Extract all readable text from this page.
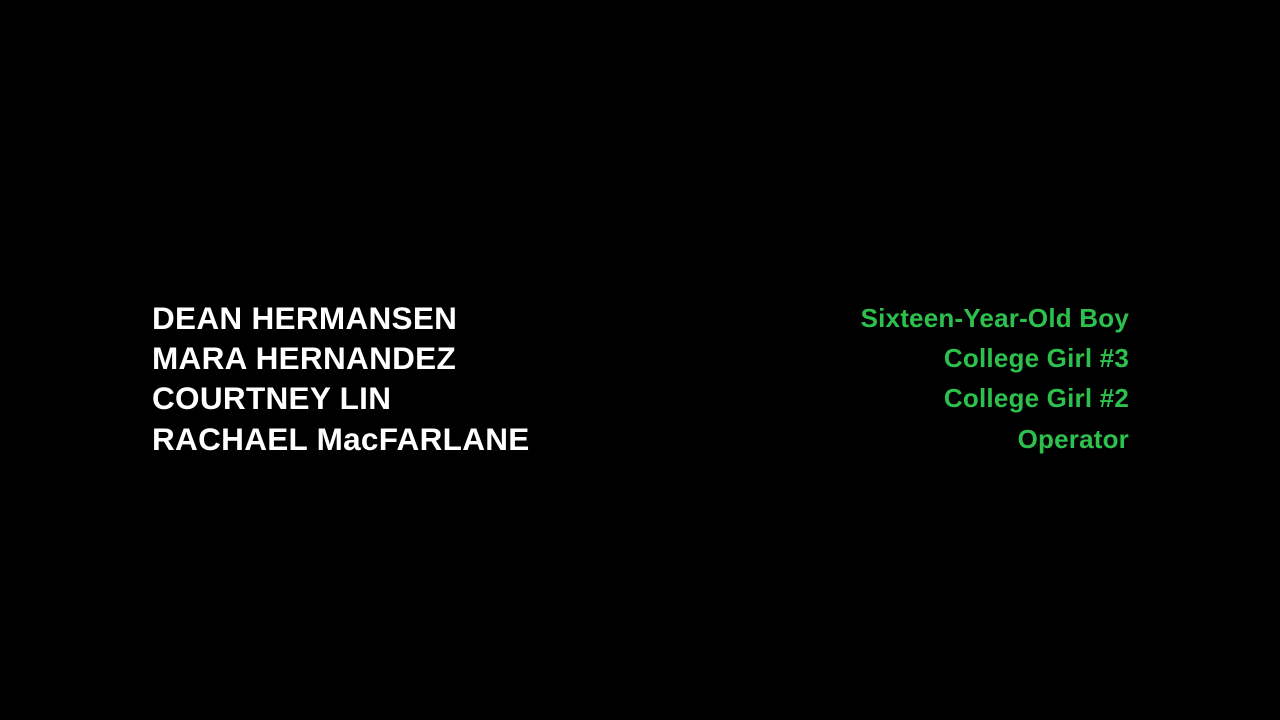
DEAN HERMANSEN	Sixteen-Year-Old Boy
MARA HERNANDEZ	College Girl #3
COURTNEY LIN	College Girl #2
RACHAEL MacFARLANE	Operator
